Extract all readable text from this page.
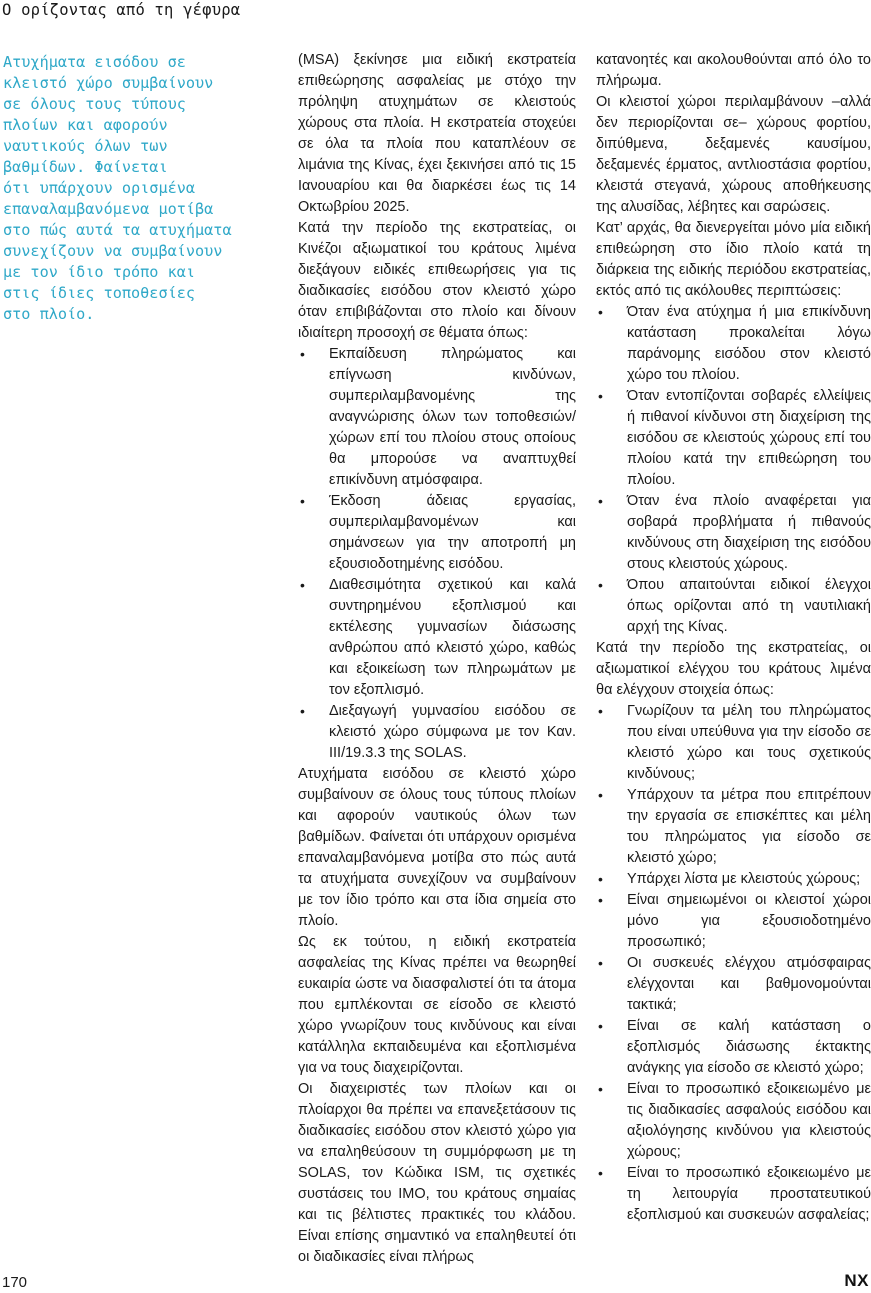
Ο ορίζοντας από τη γέφυρα
Ατυχήματα εισόδου σε
κλειστό χώρο συμβαίνουν
σε όλους τους τύπους
πλοίων και αφορούν
ναυτικούς όλων των
βαθμίδων. Φαίνεται
ότι υπάρχουν ορισμένα
επαναλαμβανόμενα μοτίβα
στο πώς αυτά τα ατυχήματα
συνεχίζουν να συμβαίνουν
με τον ίδιο τρόπο και
στις ίδιες τοποθεσίες
στο πλοίο.

(MSA) ξεκίνησε μια ειδική εκστρατεία επιθεώρησης ασφαλείας με στόχο την πρόληψη ατυχημάτων σε κλειστούς χώρους στα πλοία. Η εκστρατεία στοχεύει σε όλα τα πλοία που καταπλέουν σε λιμάνια της Κίνας, έχει ξεκινήσει από τις 15 Ιανουαρίου και θα διαρκέσει έως τις 14 Οκτωβρίου 2025.

Κατά την περίοδο της εκστρατείας, οι Κινέζοι αξιωματικοί του κράτους λιμένα διεξάγουν ειδικές επιθεωρήσεις για τις διαδικασίες εισόδου στον κλειστό χώρο όταν επιβιβάζονται στο πλοίο και δίνουν ιδιαίτερη προσοχή σε θέματα όπως:

• Εκπαίδευση πληρώματος και επίγνωση κινδύνων, συμπεριλαμβανομένης της αναγνώρισης όλων των τοποθεσιών/χώρων επί του πλοίου στους οποίους θα μπορούσε να αναπτυχθεί επικίνδυνη ατμόσφαιρα.
• Έκδοση άδειας εργασίας, συμπεριλαμβανομένων και σημάνσεων για την αποτροπή μη εξουσιοδοτημένης εισόδου.
• Διαθεσιμότητα σχετικού και καλά συντηρημένου εξοπλισμού και εκτέλεσης γυμνασίων διάσωσης ανθρώπου από κλειστό χώρο, καθώς και εξοικείωση των πληρωμάτων με τον εξοπλισμό.
• Διεξαγωγή γυμνασίου εισόδου σε κλειστό χώρο σύμφωνα με τον Καν. III/19.3.3 της SOLAS.

Ατυχήματα εισόδου σε κλειστό χώρο συμβαίνουν σε όλους τους τύπους πλοίων και αφορούν ναυτικούς όλων των βαθμίδων. Φαίνεται ότι υπάρχουν ορισμένα επαναλαμβανόμενα μοτίβα στο πώς αυτά τα ατυχήματα συνεχίζουν να συμβαίνουν με τον ίδιο τρόπο και στα ίδια σημεία στο πλοίο.

Ως εκ τούτου, η ειδική εκστρατεία ασφαλείας της Κίνας πρέπει να θεωρηθεί ευκαιρία ώστε να διασφαλιστεί ότι τα άτομα που εμπλέκονται σε είσοδο σε κλειστό χώρο γνωρίζουν τους κινδύνους και είναι κατάλληλα εκπαιδευμένα και εξοπλισμένα για να τους διαχειρίζονται.

Οι διαχειριστές των πλοίων και οι πλοίαρχοι θα πρέπει να επανεξετάσουν τις διαδικασίες εισόδου στον κλειστό χώρο για να επαληθεύσουν τη συμμόρφωση με τη SOLAS, τον Κώδικα ISM, τις σχετικές συστάσεις του IMO, του κράτους σημαίας και τις βέλτιστες πρακτικές του κλάδου. Είναι επίσης σημαντικό να επαληθευτεί ότι οι διαδικασίες είναι πλήρως

κατανοητές και ακολουθούνται από όλο το πλήρωμα.

Οι κλειστοί χώροι περιλαμβάνουν –αλλά δεν περιορίζονται σε– χώρους φορτίου, διπύθμενα, δεξαμενές καυσίμου, δεξαμενές έρματος, αντλιοστάσια φορτίου, κλειστά στεγανά, χώρους αποθήκευσης της αλυσίδας, λέβητες και σαρώσεις.

Κατ’ αρχάς, θα διενεργείται μόνο μία ειδική επιθεώρηση στο ίδιο πλοίο κατά τη διάρκεια της ειδικής περιόδου εκστρατείας, εκτός από τις ακόλουθες περιπτώσεις:

• Όταν ένα ατύχημα ή μια επικίνδυνη κατάσταση προκαλείται λόγω παράνομης εισόδου στον κλειστό χώρο του πλοίου.
• Όταν εντοπίζονται σοβαρές ελλείψεις ή πιθανοί κίνδυνοι στη διαχείριση της εισόδου σε κλειστούς χώρους επί του πλοίου κατά την επιθεώρηση του πλοίου.
• Όταν ένα πλοίο αναφέρεται για σοβαρά προβλήματα ή πιθανούς κινδύνους στη διαχείριση της εισόδου στους κλειστούς χώρους.
• Όπου απαιτούνται ειδικοί έλεγχοι όπως ορίζονται από τη ναυτιλιακή αρχή της Κίνας.

Κατά την περίοδο της εκστρατείας, οι αξιωματικοί ελέγχου του κράτους λιμένα θα ελέγχουν στοιχεία όπως:

• Γνωρίζουν τα μέλη του πληρώματος που είναι υπεύθυνα για την είσοδο σε κλειστό χώρο και τους σχετικούς κινδύνους;
• Υπάρχουν τα μέτρα που επιτρέπουν την εργασία σε επισκέπτες και μέλη του πληρώματος για είσοδο σε κλειστό χώρο;
• Υπάρχει λίστα με κλειστούς χώρους;
• Είναι σημειωμένοι οι κλειστοί χώροι μόνο για εξουσιοδοτημένο προσωπικό;
• Οι συσκευές ελέγχου ατμόσφαιρας ελέγχονται και βαθμονομούνται τακτικά;
• Είναι σε καλή κατάσταση ο εξοπλισμός διάσωσης έκτακτης ανάγκης για είσοδο σε κλειστό χώρο;
• Είναι το προσωπικό εξοικειωμένο με τις διαδικασίες ασφαλούς εισόδου και αξιολόγησης κινδύνου για κλειστούς χώρους;
• Είναι το προσωπικό εξοικειωμένο με τη λειτουργία προστατευτικού εξοπλισμού και συσκευών ασφαλείας;
170	NX
